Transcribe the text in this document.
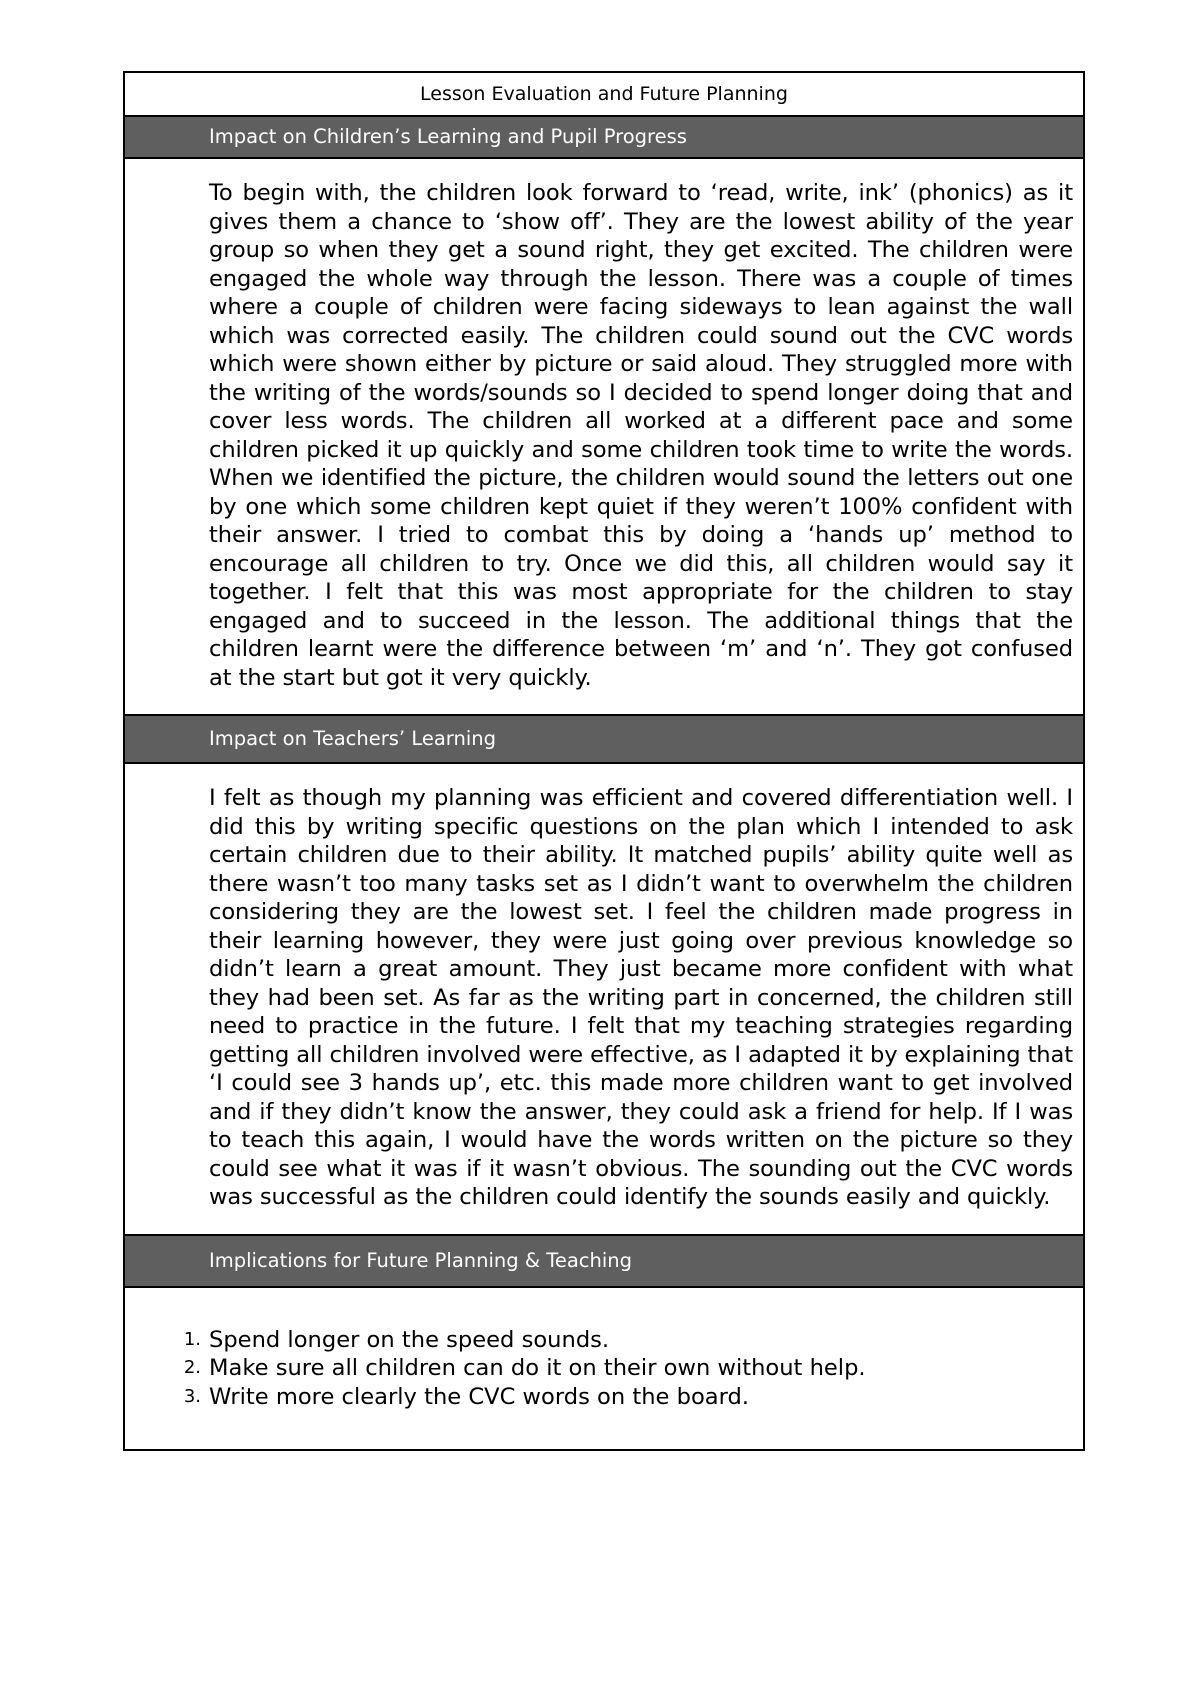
Lesson Evaluation and Future Planning
Impact on Children’s Learning and Pupil Progress

To begin with, the children look forward to ‘read, write, ink’ (phonics) as it gives them a chance to ‘show off’. They are the lowest ability of the year group so when they get a sound right, they get excited. The children were engaged the whole way through the lesson. There was a couple of times where a couple of children were facing sideways to lean against the wall which was corrected easily. The children could sound out the CVC words which were shown either by picture or said aloud. They struggled more with the writing of the words/sounds so I decided to spend longer doing that and cover less words. The children all worked at a different pace and some children picked it up quickly and some children took time to write the words. When we identified the picture, the children would sound the letters out one by one which some children kept quiet if they weren’t 100% confident with their answer. I tried to combat this by doing a ‘hands up’ method to encourage all children to try. Once we did this, all children would say it together. I felt that this was most appropriate for the children to stay engaged and to succeed in the lesson. The additional things that the children learnt were the difference between ‘m’ and ‘n’. They got confused at the start but got it very quickly.

Impact on Teachers’ Learning

I felt as though my planning was efficient and covered differentiation well. I did this by writing specific questions on the plan which I intended to ask certain children due to their ability. It matched pupils’ ability quite well as there wasn’t too many tasks set as I didn’t want to overwhelm the children considering they are the lowest set. I feel the children made progress in their learning however, they were just going over previous knowledge so didn’t learn a great amount. They just became more confident with what they had been set. As far as the writing part in concerned, the children still need to practice in the future. I felt that my teaching strategies regarding getting all children involved were effective, as I adapted it by explaining that ‘I could see 3 hands up’, etc. this made more children want to get involved and if they didn’t know the answer, they could ask a friend for help. If I was to teach this again, I would have the words written on the picture so they could see what it was if it wasn’t obvious. The sounding out the CVC words was successful as the children could identify the sounds easily and quickly.

Implications for Future Planning & Teaching
1. Spend longer on the speed sounds.
2. Make sure all children can do it on their own without help.
3. Write more clearly the CVC words on the board.
